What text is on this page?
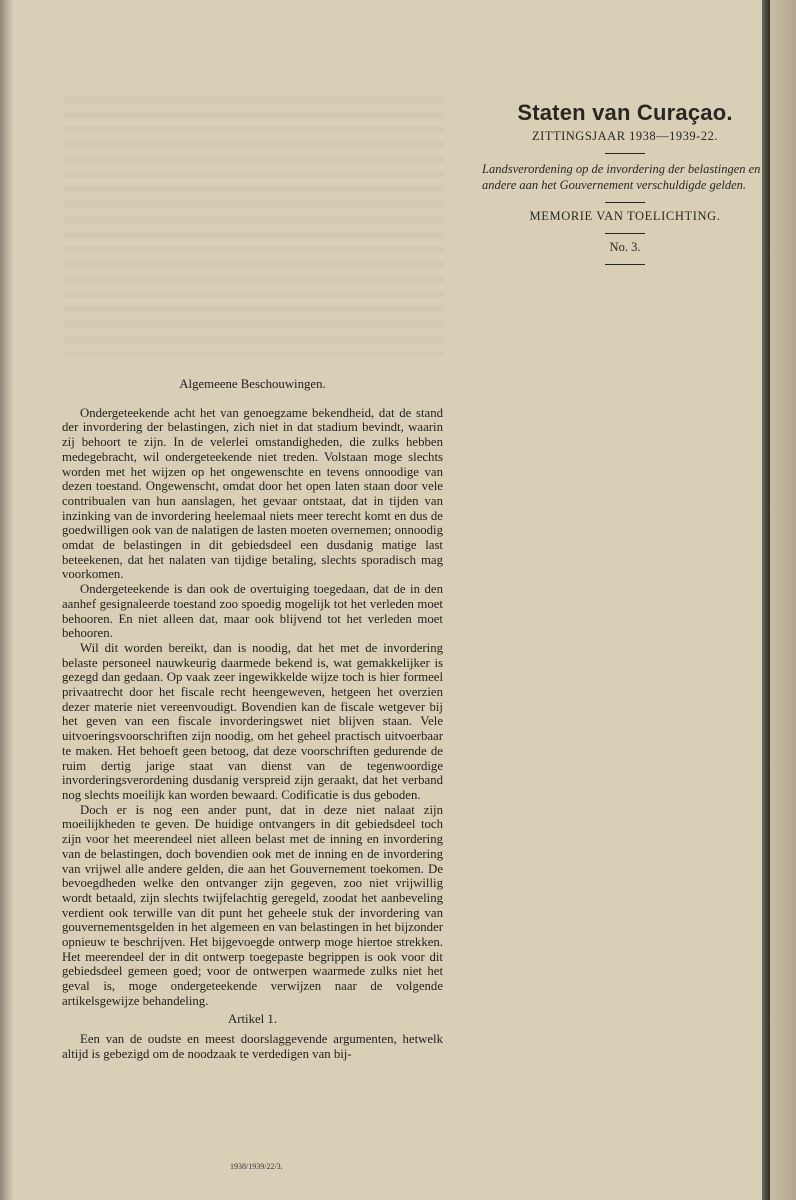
Staten van Curaçao.
ZITTINGSJAAR 1938—1939-22.
Landsverordening op de invordering der belastingen en andere aan het Gouvernement verschuldigde gelden.
MEMORIE VAN TOELICHTING.
No. 3.
Algemeene Beschouwingen.

Ondergeteekende acht het van genoegzame bekendheid, dat de stand der invordering der belastingen, zich niet in dat stadium bevindt, waarin zij behoort te zijn. In de velerlei omstandigheden, die zulks hebben medegebracht, wil ondergeteekende niet treden. Volstaan moge slechts worden met het wijzen op het ongewenschte en tevens onnoodige van dezen toestand. Ongewenscht, omdat door het open laten staan door vele contribualen van hun aanslagen, het gevaar ontstaat, dat in tijden van inzinking van de invordering heelemaal niets meer terecht komt en dus de goedwilligen ook van de nalatigen de lasten moeten overnemen; onnoodig omdat de belastingen in dit gebiedsdeel een dusdanig matige last beteekenen, dat het nalaten van tijdige betaling, slechts sporadisch mag voorkomen.

Ondergeteekende is dan ook de overtuiging toegedaan, dat de in den aanhef gesignaleerde toestand zoo spoedig mogelijk tot het verleden moet behooren. En niet alleen dat, maar ook blijvend tot het verleden moet behooren.

Wil dit worden bereikt, dan is noodig, dat het met de invordering belaste personeel nauwkeurig daarmede bekend is, wat gemakkelijker is gezegd dan gedaan. Op vaak zeer ingewikkelde wijze toch is hier formeel privaatrecht door het fiscale recht heengeweven, hetgeen het overzien dezer materie niet vereenvoudigt. Bovendien kan de fiscale wetgever bij het geven van een fiscale invorderingswet niet blijven staan. Vele uitvoeringsvoorschriften zijn noodig, om het geheel practisch uitvoerbaar te maken. Het behoeft geen betoog, dat deze voorschriften gedurende de ruim dertig jarige staat van dienst van de tegenwoordige invorderingsverordening dusdanig verspreid zijn geraakt, dat het verband nog slechts moeilijk kan worden bewaard. Codificatie is dus geboden.

Doch er is nog een ander punt, dat in deze niet nalaat zijn moeilijkheden te geven. De huidige ontvangers in dit gebiedsdeel toch zijn voor het meerendeel niet alleen belast met de inning en invordering van de belastingen, doch bovendien ook met de inning en de invordering van vrijwel alle andere gelden, die aan het Gouvernement toekomen. De bevoegdheden welke den ontvanger zijn gegeven, zoo niet vrijwillig wordt betaald, zijn slechts twijfelachtig geregeld, zoodat het aanbeveling verdient ook terwille van dit punt het geheele stuk der invordering van gouvernementsgelden in het algemeen en van belastingen in het bijzonder opnieuw te beschrijven. Het bijgevoegde ontwerp moge hiertoe strekken. Het meerendeel der in dit ontwerp toegepaste begrippen is ook voor dit gebiedsdeel gemeen goed; voor de ontwerpen waarmede zulks niet het geval is, moge ondergeteekende verwijzen naar de volgende artikelsgewijze behandeling.

Artikel 1.

Een van de oudste en meest doorslaggevende argumenten, hetwelk altijd is gebezigd om de noodzaak te verdedigen van bij-

1938/1939/22/3.
